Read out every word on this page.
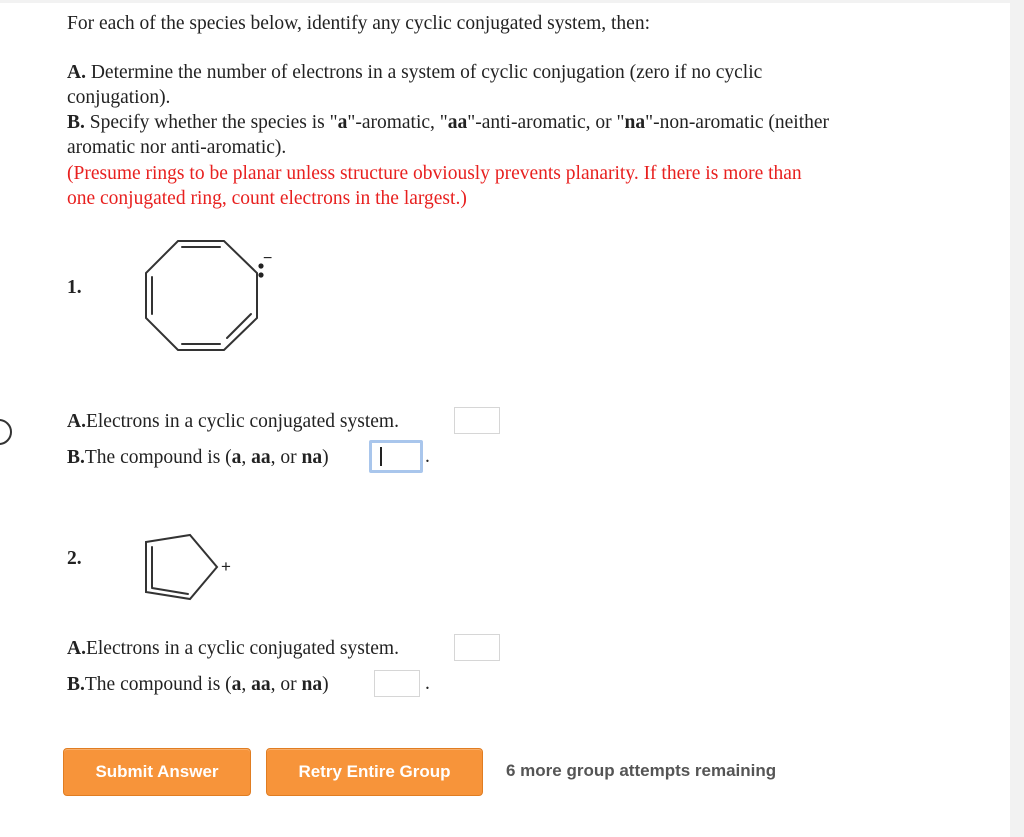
For each of the species below, identify any cyclic conjugated system, then:
A. Determine the number of electrons in a system of cyclic conjugation (zero if no cyclic
conjugation).
B. Specify whether the species is "a"-aromatic, "aa"-anti-aromatic, or "na"-non-aromatic (neither
aromatic nor anti-aromatic).
(Presume rings to be planar unless structure obviously prevents planarity. If there is more than
one conjugated ring, count electrons in the largest.)
1.
−
A.Electrons in a cyclic conjugated system.
B.The compound is (a, aa, or na)	.
2.	+
A.Electrons in a cyclic conjugated system.
B.The compound is (a, aa, or na)	.
Submit Answer	Retry Entire Group	6 more group attempts remaining
